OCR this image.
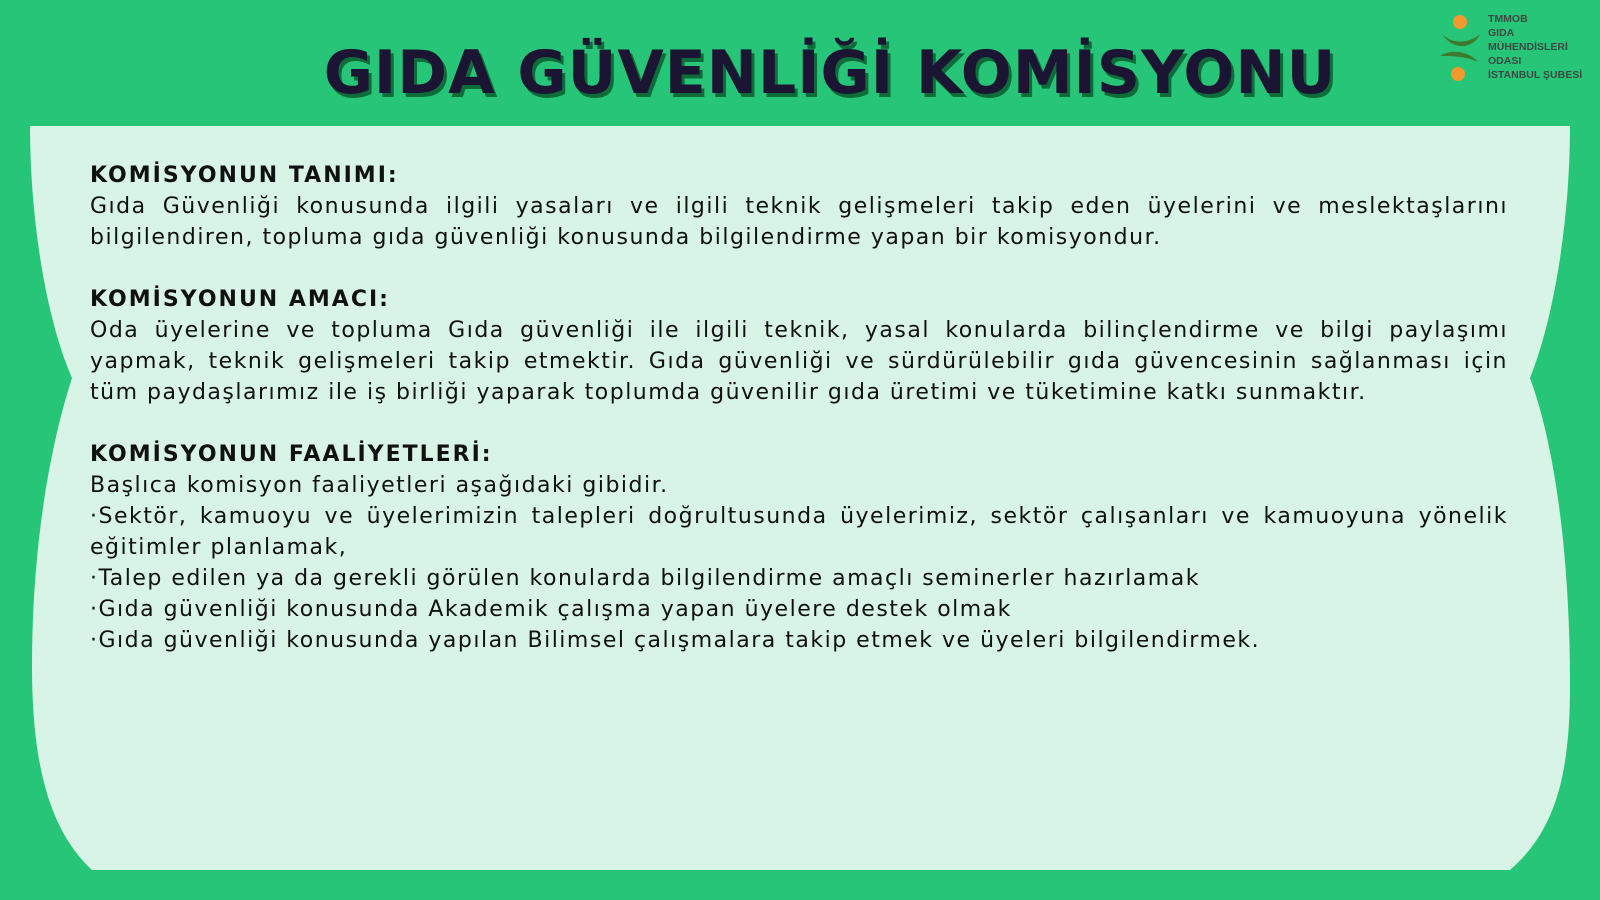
GIDA GÜVENLİĞİ KOMİSYONU
TMMOB
GIDA
MÜHENDİSLERİ
ODASI
İSTANBUL ŞUBESİ
KOMİSYONUN TANIMI:
Gıda Güvenliği konusunda ilgili yasaları ve ilgili teknik gelişmeleri takip eden üyelerini ve meslektaşlarını bilgilendiren, topluma gıda güvenliği konusunda bilgilendirme yapan bir komisyondur.
KOMİSYONUN AMACI:
Oda üyelerine ve topluma Gıda güvenliği ile ilgili teknik, yasal konularda bilinçlendirme ve bilgi paylaşımı yapmak, teknik gelişmeleri takip etmektir. Gıda güvenliği ve sürdürülebilir gıda güvencesinin sağlanması için tüm paydaşlarımız ile iş birliği yaparak toplumda güvenilir gıda üretimi ve tüketimine katkı sunmaktır.
KOMİSYONUN FAALİYETLERİ:
Başlıca komisyon faaliyetleri aşağıdaki gibidir.
·Sektör, kamuoyu ve üyelerimizin talepleri doğrultusunda üyelerimiz, sektör çalışanları ve kamuoyuna yönelik eğitimler planlamak,
·Talep edilen ya da gerekli görülen konularda bilgilendirme amaçlı seminerler hazırlamak
·Gıda güvenliği konusunda Akademik çalışma yapan üyelere destek olmak
·Gıda güvenliği konusunda yapılan Bilimsel çalışmalara takip etmek ve üyeleri bilgilendirmek.
